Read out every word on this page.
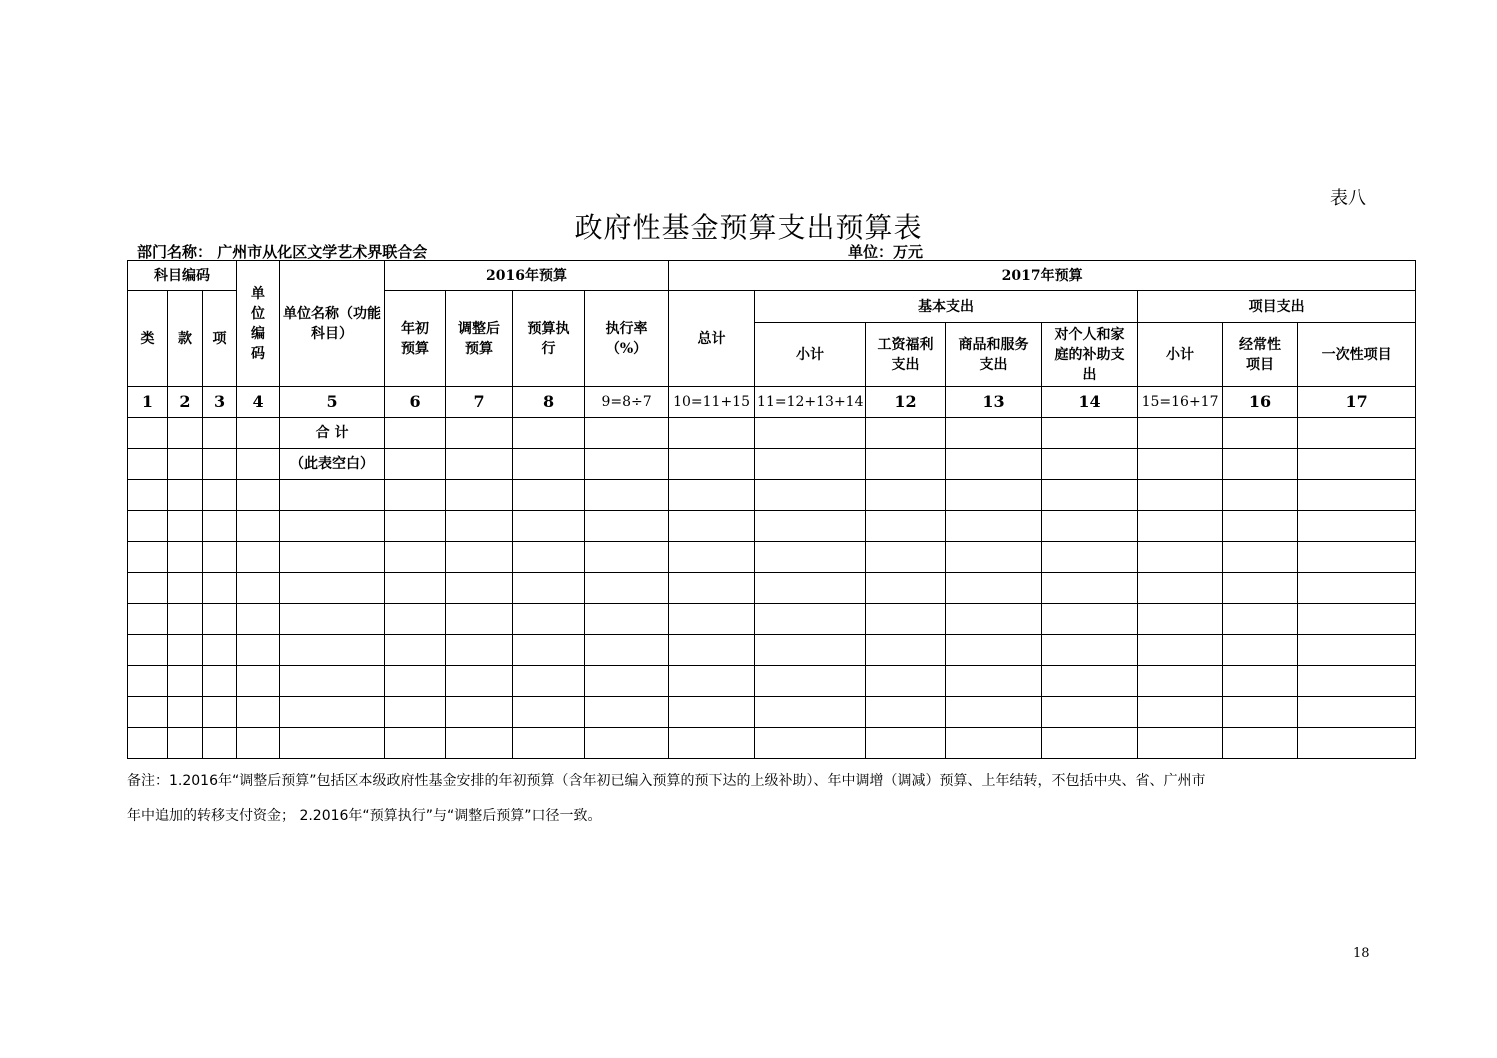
表八
政府性基金预算支出预算表
部门名称： 广州市从化区文学艺术界联合会	单位：万元
科目编码			单位编码	单位名称（功能科目）	2016年预算				2017年预算							
类	款	项			年初预算	调整后预算	预算执行	执行率（%）	总计	基本支出				项目支出		
										小计	工资福利支出	商品和服务支出	对个人和家庭的补助支出	小计	经常性项目	一次性项目
1	2	3	4	5	6	7	8	9=8÷7	10=11+15	11=12+13+14	12	13	14	15=16+17	16	17
				合 计												
				（此表空白）												

备注：1.2016年“调整后预算”包括区本级政府性基金安排的年初预算（含年初已编入预算的预下达的上级补助）、年中调增（调减）预算、上年结转，不包括中央、省、广州市
年中追加的转移支付资金； 2.2016年“预算执行”与“调整后预算”口径一致。
18
